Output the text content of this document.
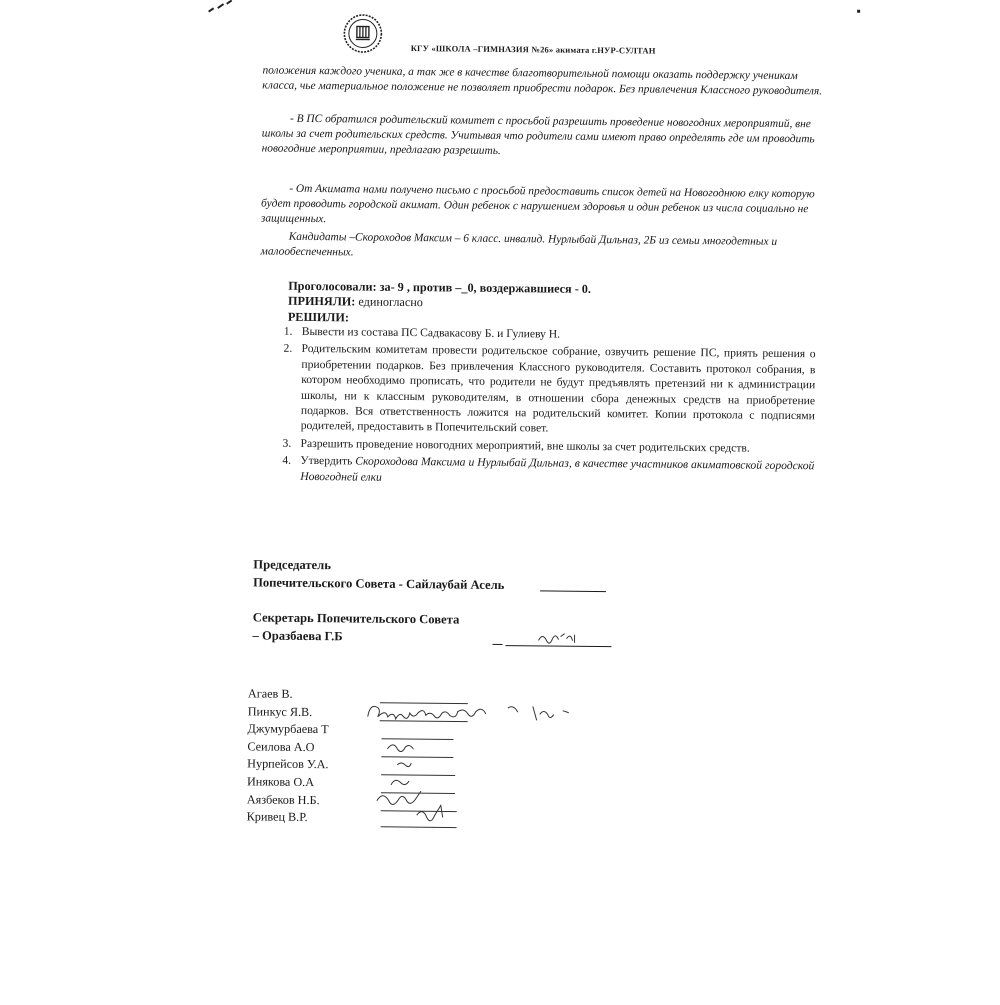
КГУ «ШКОЛА –ГИМНАЗИЯ №26» акимата г.НУР-СУЛТАН
положения каждого ученика, а так же в качестве благотворительной помощи оказать поддержку ученикам класса, чье материальное положение не позволяет приобрести подарок. Без привлечения Классного руководителя.
- В ПС обратился родительский комитет с просьбой разрешить проведение новогодних мероприятий, вне школы за счет родительских средств. Учитывая что родители сами имеют право определять где им проводить новогодние мероприятии, предлагаю разрешить.
- От Акимата нами получено письмо с просьбой предоставить список детей на Новогоднюю елку которую будет проводить городской акимат. Один ребенок с нарушением здоровья и один ребенок из числа социально не защищенных.
Кандидаты –Скороходов Максим – 6 класс. инвалид. Нурлыбай Дильназ, 2Б из семьи многодетных и малообеспеченных.
Проголосовали: за- 9 , против –_0, воздержавшиеся - 0.
ПРИНЯЛИ: единогласно
РЕШИЛИ:
1. Вывести из состава ПС Садвакасову Б. и Гулиеву Н.
2. Родительским комитетам провести родительское собрание, озвучить решение ПС, приять решения о приобретении подарков. Без привлечения Классного руководителя. Составить протокол собрания, в котором необходимо прописать, что родители не будут предъявлять претензий ни к администрации школы, ни к классным руководителям, в отношении сбора денежных средств на приобретение подарков. Вся ответственность ложится на родительский комитет. Копии протокола с подписями родителей, предоставить в Попечительский совет.
3. Разрешить проведение новогодних мероприятий, вне школы за счет родительских средств.
4. Утвердить Скороходова Максима и Нурлыбай Дильназ, в качестве участников акиматовской городской Новогодней елки
Председатель
Попечительского Совета - Сайлаубай Асель
Секретарь Попечительского Совета
– Оразбаева Г.Б
Агаев В.
Пинкус Я.В.
Джумурбаева Т
Сеилова А.О
Нурпейсов У.А.
Инякова О.А
Аязбеков Н.Б.
Кривец В.Р.
